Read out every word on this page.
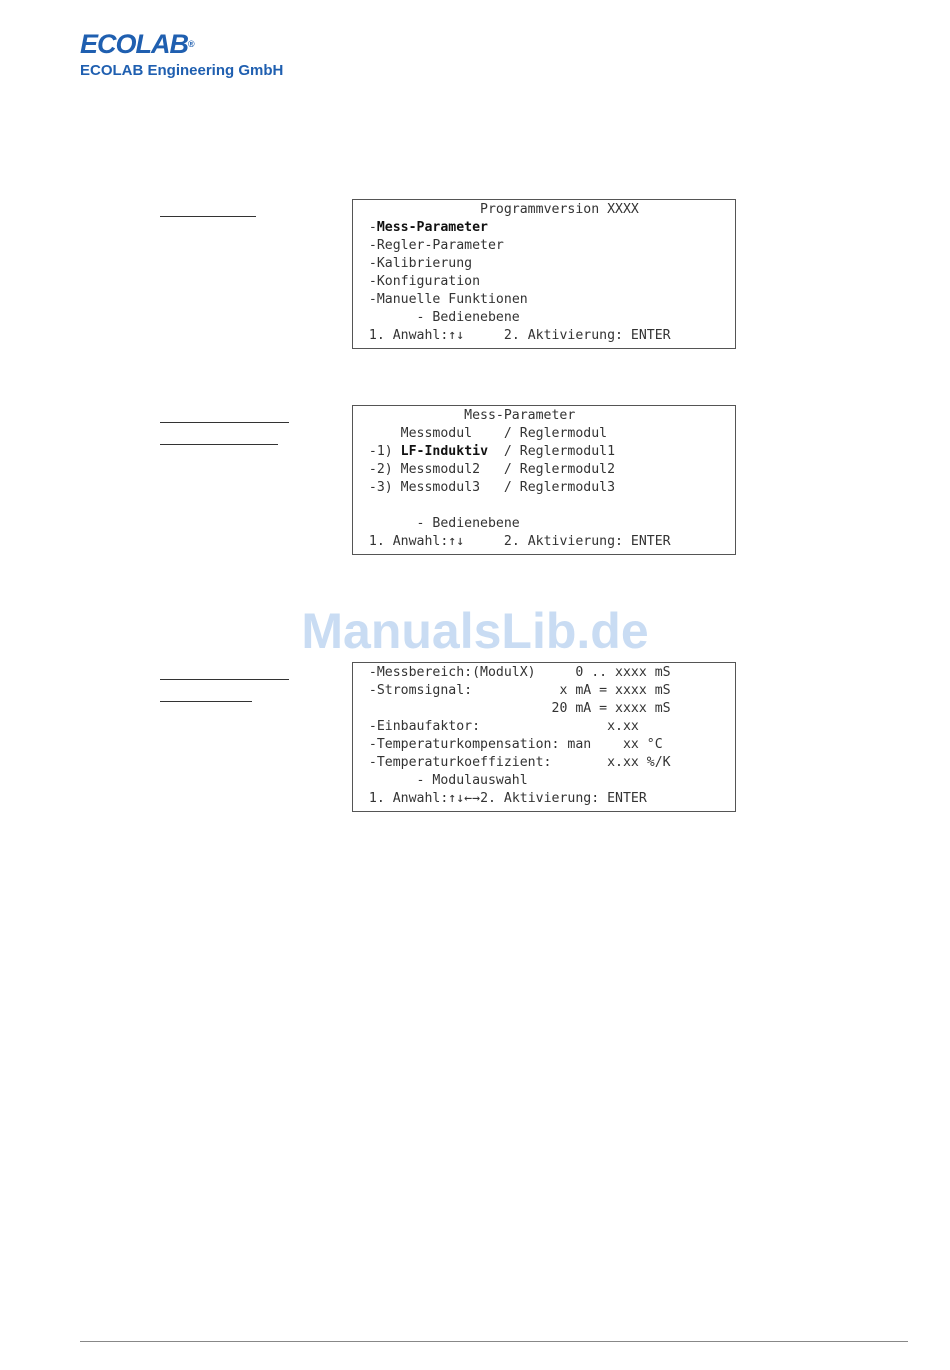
ECOLAB®
ECOLAB Engineering GmbH
Programmversion XXXX
-Mess-Parameter
-Regler-Parameter
-Kalibrierung
-Konfiguration
-Manuelle Funktionen
- Bedienebene
1. Anwahl:↑↓	2. Aktivierung: ENTER
Mess-Parameter
Messmodul / Reglermodul
-1) LF-Induktiv / Reglermodul1
-2) Messmodul2 / Reglermodul2
-3) Messmodul3 / Reglermodul3

- Bedienebene
1. Anwahl:↑↓	2. Aktivierung: ENTER
ManualsLib.de
-Messbereich:(ModulX)     0 .. xxxx mS
-Stromsignal:           x mA = xxxx mS
20 mA = xxxx mS
-Einbaufaktor:                x.xx
-Temperaturkompensation: man    xx °C
-Temperaturkoeffizient:       x.xx %/K
- Modulauswahl
1. Anwahl:↑↓←→2. Aktivierung: ENTER
